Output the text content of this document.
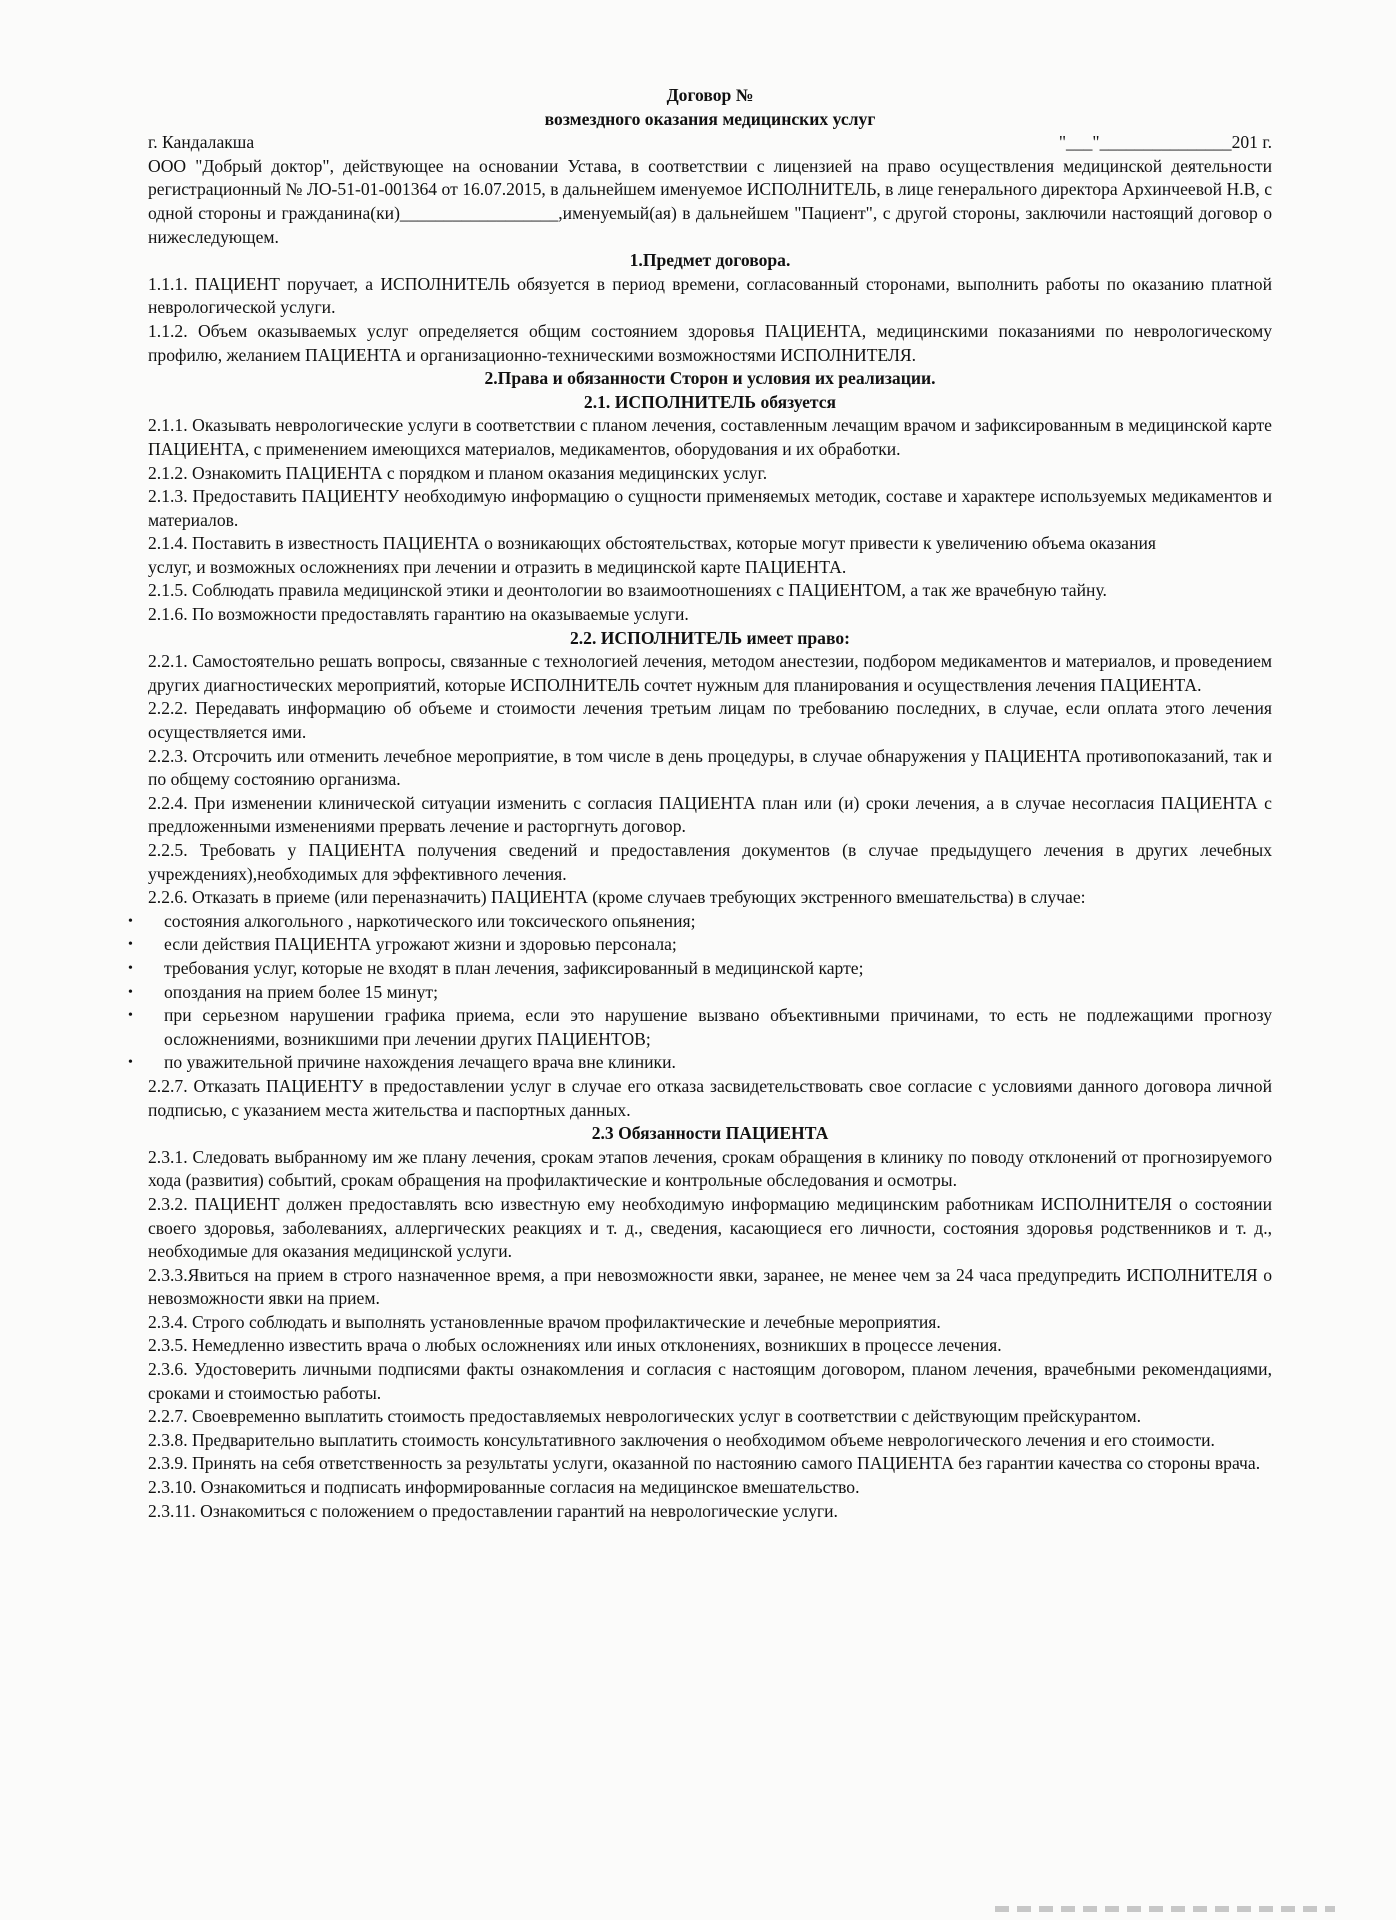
Договор №

возмездного оказания медицинских услуг

г. Кандалакша	"___"_______________201 г.

ООО "Добрый доктор", действующее на основании Устава, в соответствии с лицензией на право осуществления медицинской деятельности регистрационный № ЛО-51-01-001364 от 16.07.2015, в дальнейшем именуемое ИСПОЛНИТЕЛЬ, в лице генерального директора Архинчеевой Н.В, с одной стороны и гражданина(ки)__________________,именуемый(ая) в дальнейшем "Пациент", с другой стороны, заключили настоящий договор о нижеследующем.

1.Предмет договора.

1.1.1. ПАЦИЕНТ поручает, а ИСПОЛНИТЕЛЬ обязуется в период времени, согласованный сторонами, выполнить работы по оказанию платной неврологической услуги.

1.1.2. Объем оказываемых услуг определяется общим состоянием здоровья ПАЦИЕНТА, медицинскими показаниями по неврологическому профилю, желанием ПАЦИЕНТА и организационно-техническими возможностями ИСПОЛНИТЕЛЯ.

2.Права и обязанности Сторон и условия их реализации.

2.1. ИСПОЛНИТЕЛЬ обязуется

2.1.1. Оказывать неврологические услуги в соответствии с планом лечения, составленным лечащим врачом и зафиксированным в медицинской карте ПАЦИЕНТА, с применением имеющихся материалов, медикаментов, оборудования и их обработки.

2.1.2. Ознакомить ПАЦИЕНТА с порядком и планом оказания медицинских услуг.

2.1.3. Предоставить ПАЦИЕНТУ необходимую информацию о сущности применяемых методик, составе и характере используемых медикаментов и материалов.

2.1.4. Поставить в известность ПАЦИЕНТА о возникающих обстоятельствах, которые могут привести к увеличению объема оказания

услуг, и возможных осложнениях при лечении и отразить в медицинской карте ПАЦИЕНТА.

2.1.5. Соблюдать правила медицинской этики и деонтологии во взаимоотношениях с ПАЦИЕНТОМ, а так же врачебную тайну.

2.1.6. По возможности предоставлять гарантию на оказываемые услуги.

2.2. ИСПОЛНИТЕЛЬ имеет право:

2.2.1. Самостоятельно решать вопросы, связанные с технологией лечения, методом анестезии, подбором медикаментов и материалов, и проведением других диагностических мероприятий, которые ИСПОЛНИТЕЛЬ сочтет нужным для планирования и осуществления лечения ПАЦИЕНТА.

2.2.2. Передавать информацию об объеме и стоимости лечения третьим лицам по требованию последних, в случае, если оплата этого лечения осуществляется ими.

2.2.3. Отсрочить или отменить лечебное мероприятие, в том числе в день процедуры, в случае обнаружения у ПАЦИЕНТА противопоказаний, так и по общему состоянию организма.

2.2.4. При изменении клинической ситуации изменить с согласия ПАЦИЕНТА план или (и) сроки лечения, а в случае несогласия ПАЦИЕНТА с предложенными изменениями прервать лечение и расторгнуть договор.

2.2.5. Требовать у ПАЦИЕНТА получения сведений и предоставления документов (в случае предыдущего лечения в других лечебных учреждениях),необходимых для эффективного лечения.

2.2.6. Отказать в приеме (или переназначить) ПАЦИЕНТА (кроме случаев требующих экстренного вмешательства) в случае:

• состояния алкогольного , наркотического или токсического опьянения;
• если действия ПАЦИЕНТА угрожают жизни и здоровью персонала;
• требования услуг, которые не входят в план лечения, зафиксированный в медицинской карте;
• опоздания на прием более 15 минут;
• при серьезном нарушении графика приема, если это нарушение вызвано объективными причинами, то есть не подлежащими прогнозу осложнениями, возникшими при лечении других ПАЦИЕНТОВ;
• по уважительной причине нахождения лечащего врача вне клиники.

2.2.7. Отказать ПАЦИЕНТУ в предоставлении услуг в случае его отказа засвидетельствовать свое согласие с условиями данного договора личной подписью, с указанием места жительства и паспортных данных.

2.3 Обязанности ПАЦИЕНТА

2.3.1. Следовать выбранному им же плану лечения, срокам этапов лечения, срокам обращения в клинику по поводу отклонений от прогнозируемого хода (развития) событий, срокам обращения на профилактические и контрольные обследования и осмотры.

2.3.2. ПАЦИЕНТ должен предоставлять всю известную ему необходимую информацию медицинским работникам ИСПОЛНИТЕЛЯ о состоянии своего здоровья, заболеваниях, аллергических реакциях и т. д., сведения, касающиеся его личности, состояния здоровья родственников и т. д., необходимые для оказания медицинской услуги.

2.3.3.Явиться на прием в строго назначенное время, а при невозможности явки, заранее, не менее чем за 24 часа предупредить ИСПОЛНИТЕЛЯ о невозможности явки на прием.

2.3.4. Строго соблюдать и выполнять установленные врачом профилактические и лечебные мероприятия.

2.3.5. Немедленно известить врача о любых осложнениях или иных отклонениях, возникших в процессе лечения.

2.3.6. Удостоверить личными подписями факты ознакомления и согласия с настоящим договором, планом лечения, врачебными рекомендациями, сроками и стоимостью работы.

2.2.7. Своевременно выплатить стоимость предоставляемых неврологических услуг в соответствии с действующим прейскурантом.

2.3.8. Предварительно выплатить стоимость консультативного заключения о необходимом объеме неврологического лечения и его стоимости.

2.3.9. Принять на себя ответственность за результаты услуги, оказанной по настоянию самого ПАЦИЕНТА без гарантии качества со стороны врача.

2.3.10. Ознакомиться и подписать информированные согласия на медицинское вмешательство.

2.3.11. Ознакомиться с положением о предоставлении гарантий на неврологические услуги.
